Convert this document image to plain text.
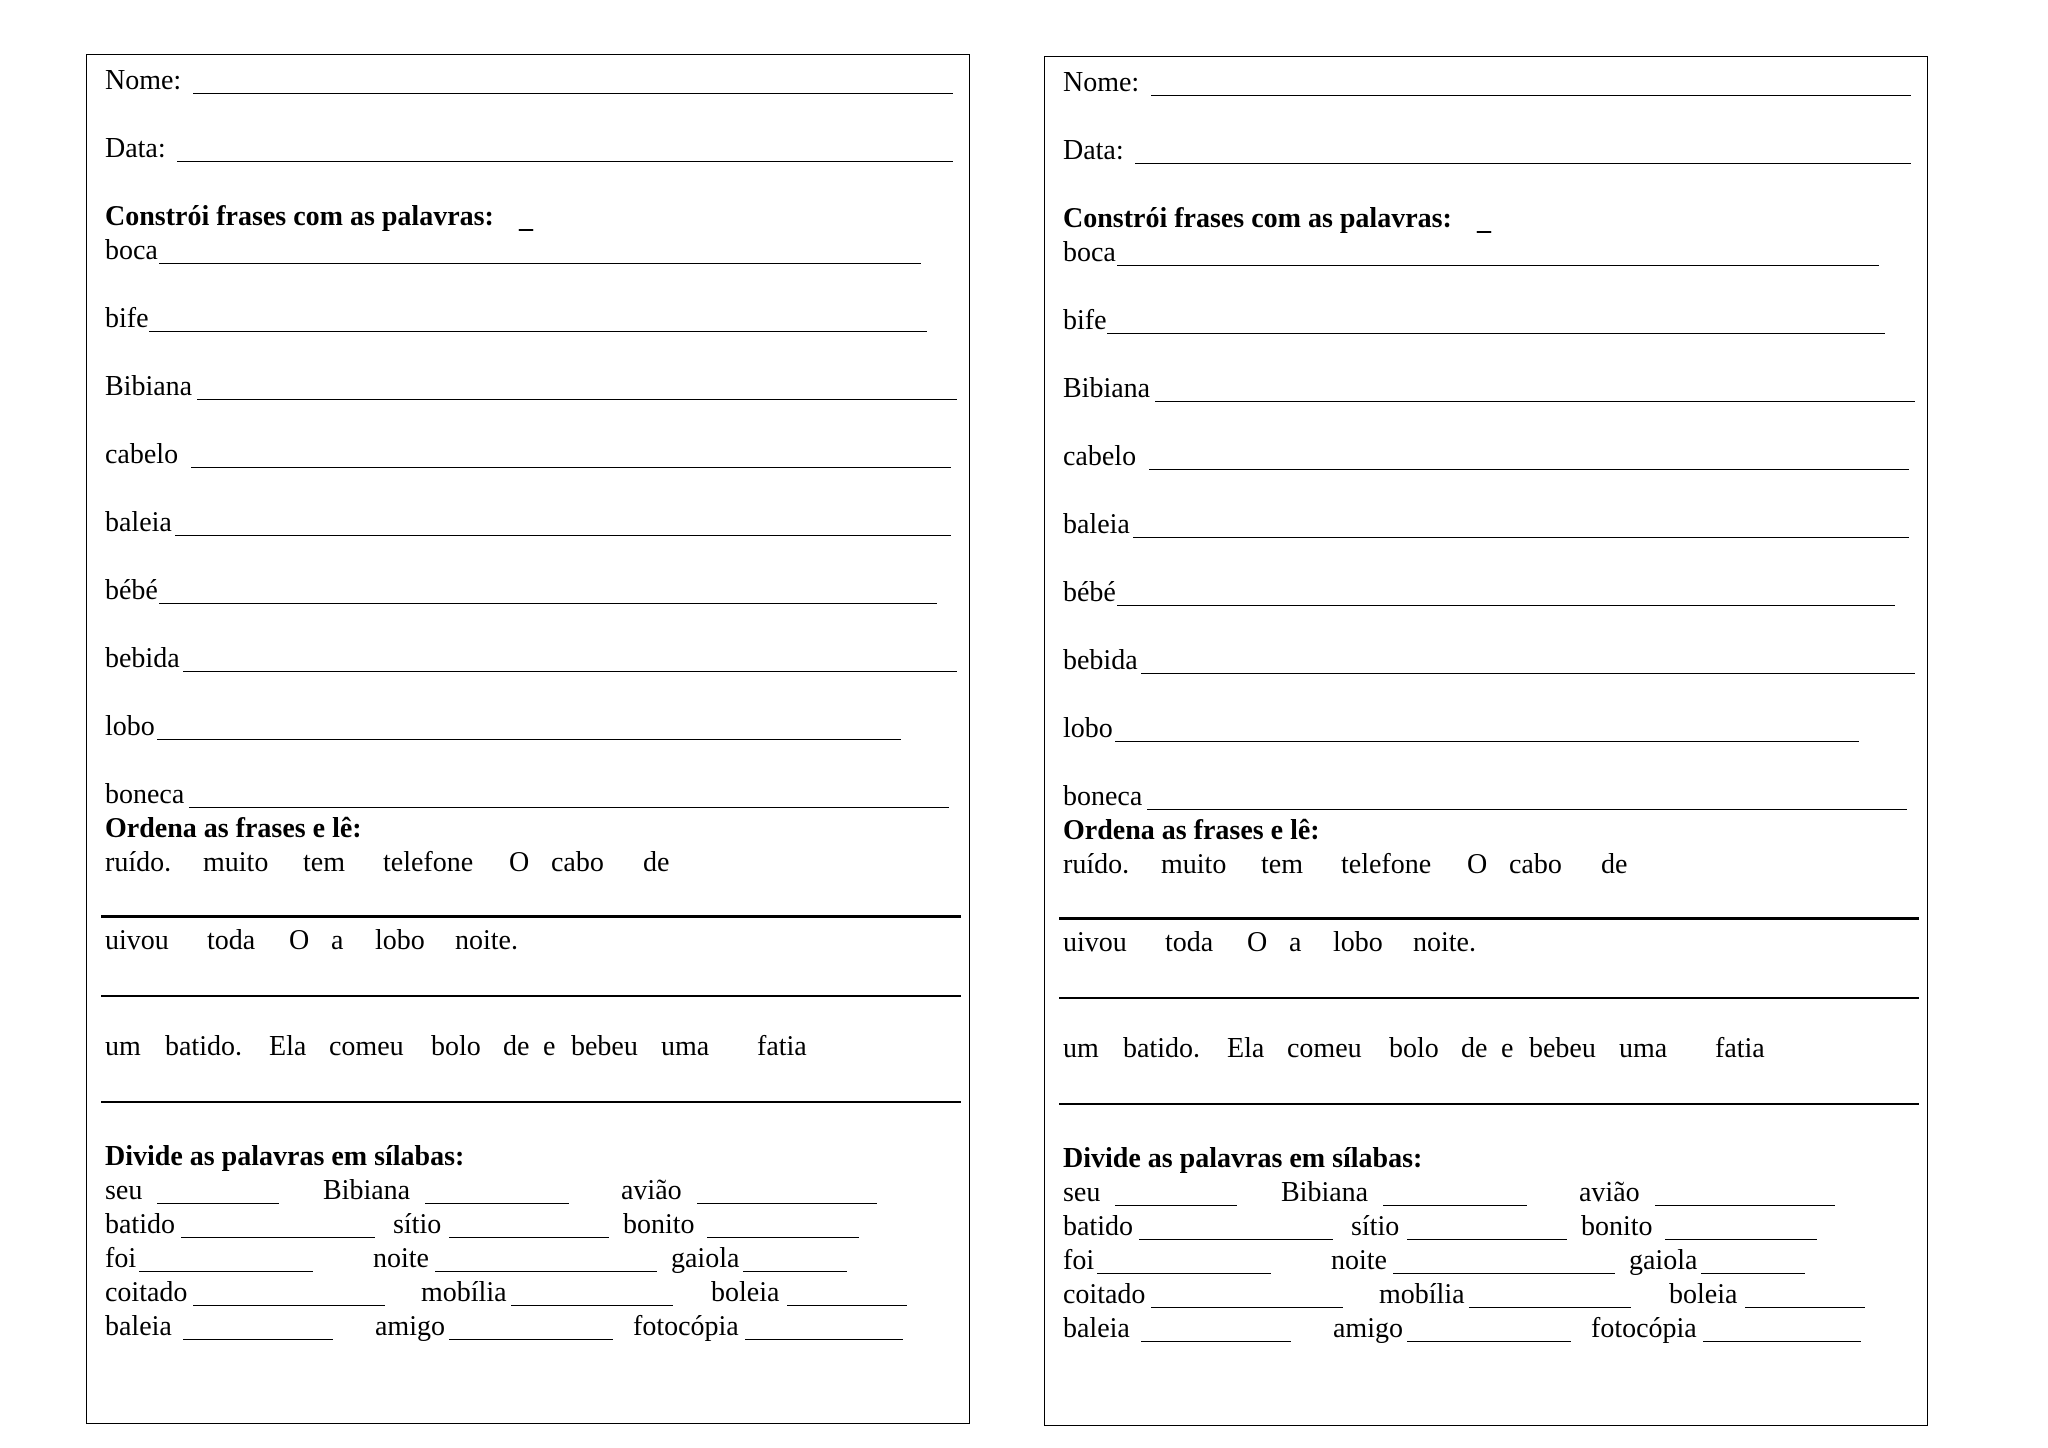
Nome:
Data:
Constrói frases com as palavras: _
boca
bife
Bibiana
cabelo
baleia
bébé
bebida
lobo
boneca
Ordena as frases e lê:
ruído. muito tem telefone O cabo de
uivou toda O a lobo noite.
um batido. Ela comeu bolo de e bebeu uma fatia
Divide as palavras em sílabas:
seu	Bibiana	avião
batido	sítio	bonito
foi	noite	gaiola
coitado	mobília	boleia
baleia	amigo	fotocópia
Nome:
Data:
Constrói frases com as palavras: _
boca
bife
Bibiana
cabelo
baleia
bébé
bebida
lobo
boneca
Ordena as frases e lê:
ruído. muito tem telefone O cabo de
uivou toda O a lobo noite.
um batido. Ela comeu bolo de e bebeu uma fatia
Divide as palavras em sílabas:
seu	Bibiana	avião
batido	sítio	bonito
foi	noite	gaiola
coitado	mobília	boleia
baleia	amigo	fotocópia
